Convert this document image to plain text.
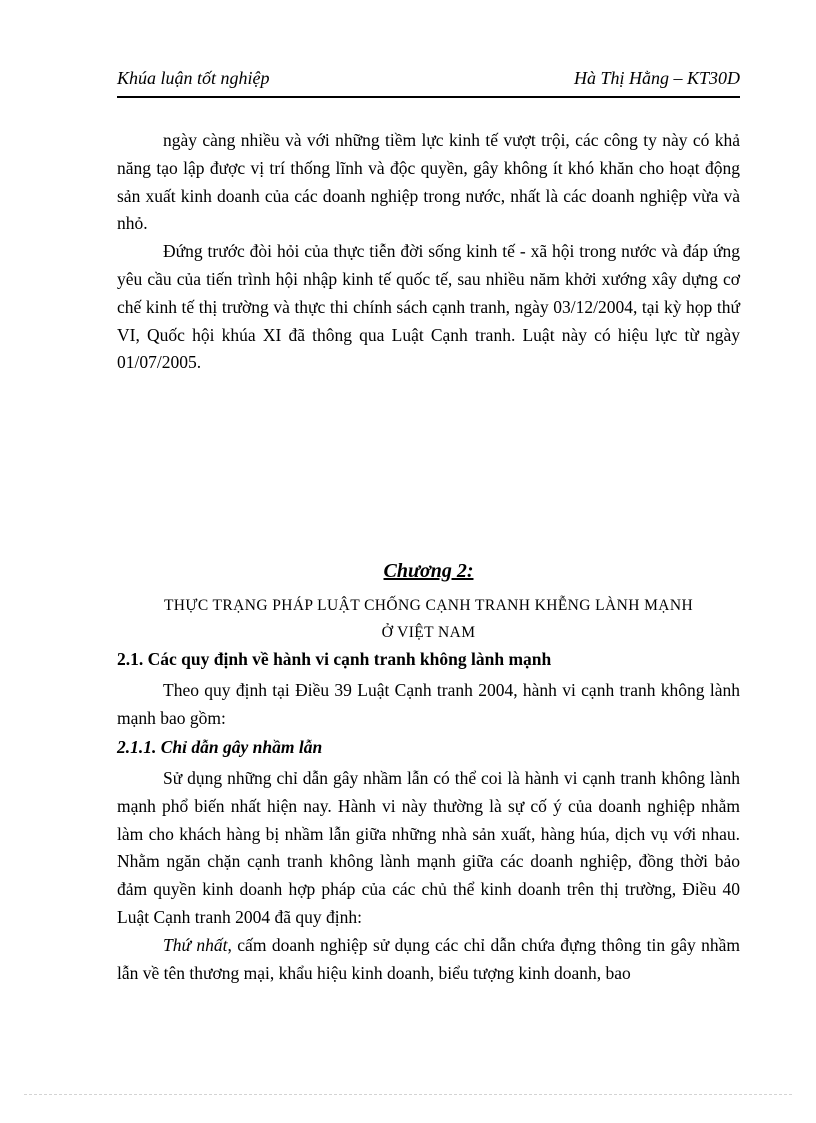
Khúa luận tốt nghiệp	Hà Thị Hằng – KT30D

ngày càng nhiều và với những tiềm lực kinh tế vượt trội, các công ty này có khả năng tạo lập được vị trí thống lĩnh và độc quyền, gây không ít khó khăn cho hoạt động sản xuất kinh doanh của các doanh nghiệp trong nước, nhất là các doanh nghiệp vừa và nhỏ.

Đứng trước đòi hỏi của thực tiễn đời sống kinh tế - xã hội trong nước và đáp ứng yêu cầu của tiến trình hội nhập kinh tế quốc tế, sau nhiều năm khởi xướng xây dựng cơ chế kinh tế thị trường và thực thi chính sách cạnh tranh, ngày 03/12/2004, tại kỳ họp thứ VI, Quốc hội khúa XI đã thông qua Luật Cạnh tranh. Luật này có hiệu lực từ ngày 01/07/2005.

Chương 2:
THỰC TRẠNG PHÁP LUẬT CHỐNG CẠNH TRANH KHỄNG LÀNH MẠNH
Ở VIỆT NAM
2.1. Các quy định về hành vi cạnh tranh không lành mạnh

Theo quy định tại Điều 39 Luật Cạnh tranh 2004, hành vi cạnh tranh không lành mạnh bao gồm:

2.1.1. Chỉ dẫn gây nhầm lẫn

Sử dụng những chỉ dẫn gây nhầm lẫn có thể coi là hành vi cạnh tranh không lành mạnh phổ biến nhất hiện nay. Hành vi này thường là sự cố ý của doanh nghiệp nhằm làm cho khách hàng bị nhầm lẫn giữa những nhà sản xuất, hàng húa, dịch vụ với nhau. Nhằm ngăn chặn cạnh tranh không lành mạnh giữa các doanh nghiệp, đồng thời bảo đảm quyền kinh doanh hợp pháp của các chủ thể kinh doanh trên thị trường, Điều 40 Luật Cạnh tranh 2004 đã quy định:

Thứ nhất, cấm doanh nghiệp sử dụng các chỉ dẫn chứa đựng thông tin gây nhầm lẫn về tên thương mại, khẩu hiệu kinh doanh, biểu tượng kinh doanh, bao
